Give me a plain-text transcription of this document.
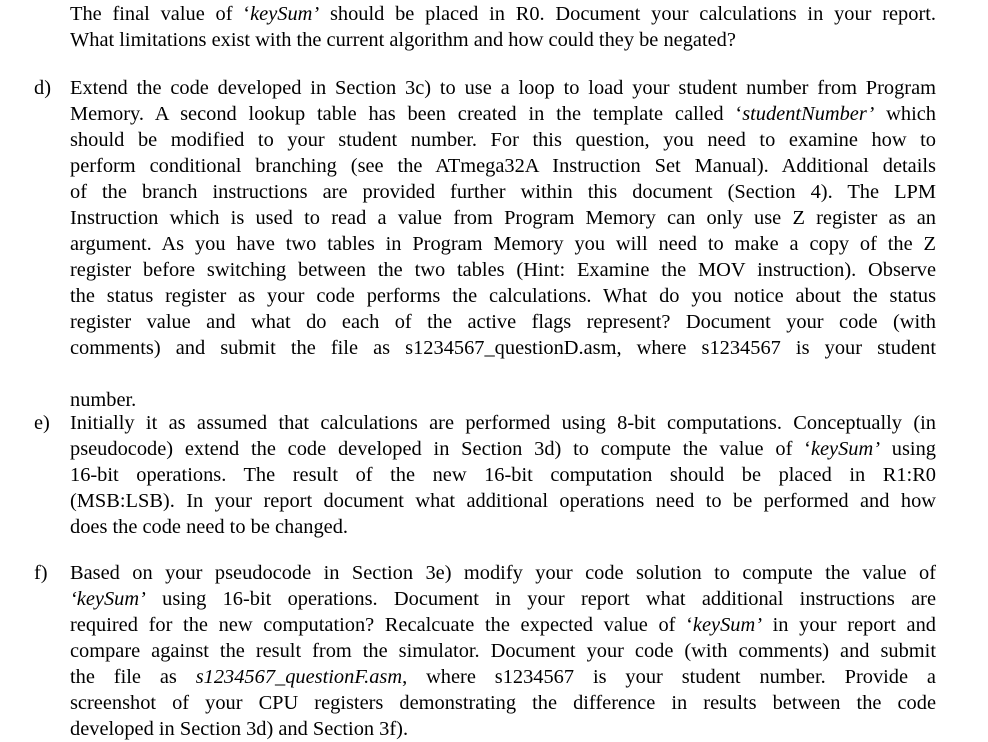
The final value of ‘keySum’ should be placed in R0. Document your calculations in your report.
What limitations exist with the current algorithm and how could they be negated?
d) Extend the code developed in Section 3c) to use a loop to load your student number from Program
Memory. A second lookup table has been created in the template called ‘studentNumber’ which
should be modified to your student number. For this question, you need to examine how to
perform conditional branching (see the ATmega32A Instruction Set Manual). Additional details
of the branch instructions are provided further within this document (Section 4). The LPM
Instruction which is used to read a value from Program Memory can only use Z register as an
argument. As you have two tables in Program Memory you will need to make a copy of the Z
register before switching between the two tables (Hint: Examine the MOV instruction). Observe
the status register as your code performs the calculations. What do you notice about the status
register value and what do each of the active flags represent? Document your code (with
comments) and submit the file as s1234567_questionD.asm, where s1234567 is your student
number.
e) Initially it as assumed that calculations are performed using 8-bit computations. Conceptually (in
pseudocode) extend the code developed in Section 3d) to compute the value of ‘keySum’ using
16-bit operations. The result of the new 16-bit computation should be placed in R1:R0
(MSB:LSB). In your report document what additional operations need to be performed and how
does the code need to be changed.
f)	Based on your pseudocode in Section 3e) modify your code solution to compute the value of
‘keySum’ using 16-bit operations. Document in your report what additional instructions are
required for the new computation? Recalcuate the expected value of ‘keySum’ in your report and
compare against the result from the simulator. Document your code (with comments) and submit
the file as s1234567_questionF.asm, where s1234567 is your student number. Provide a
screenshot of your CPU registers demonstrating the difference in results between the code
developed in Section 3d) and Section 3f).
